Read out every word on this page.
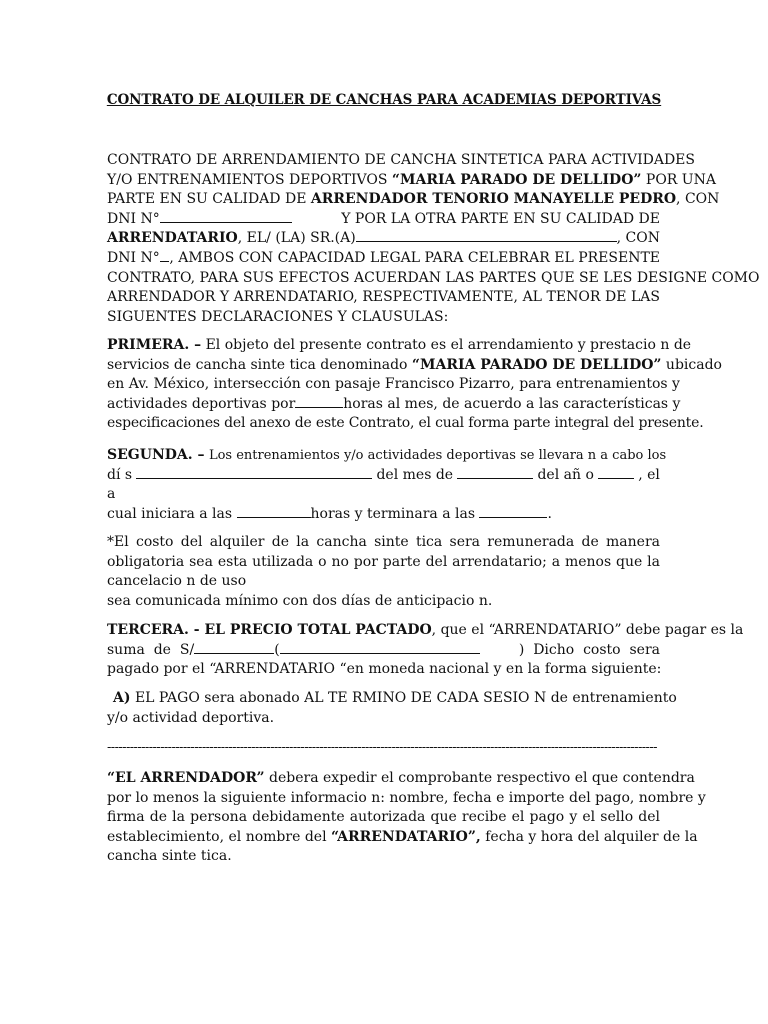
CONTRATO DE ALQUILER DE CANCHAS PARA ACADEMIAS DEPORTIVAS
CONTRATO DE ARRENDAMIENTO DE CANCHA SINTETICA PARA ACTIVIDADES
Y/O ENTRENAMIENTOS DEPORTIVOS “MARIA PARADO DE DELLIDO” POR UNA
PARTE EN SU CALIDAD DE ARRENDADOR TENORIO MANAYELLE PEDRO, CON
DNI N°	Y POR LA OTRA PARTE EN SU CALIDAD DE
ARRENDATARIO , EL/ (LA) SR.(A)	, CON
DNI N° , AMBOS CON CAPACIDAD LEGAL PARA CELEBRAR EL PRESENTE
CONTRATO, PARA SUS EFECTOS ACUERDAN LAS PARTES QUE SE LES DESIGNE COMO
ARRENDADOR Y ARRENDATARIO, RESPECTIVAMENTE, AL TENOR DE LAS
SIGUENTES DECLARACIONES Y CLAUSULAS:
PRIMERA. – El objeto del presente contrato es el arrendamiento y prestacio n de
servicios de cancha sinte tica denominado “MARIA PARADO DE DELLIDO” ubicado
en Av. México, intersección con pasaje Francisco Pizarro, para entrenamientos y
actividades deportivas por	horas al mes, de acuerdo a las características y
especificaciones del anexo de este Contrato, el cual forma parte integral del presente.
SEGUNDA. – Los entrenamientos y/o actividades deportivas se llevara n a cabo los
dí s	del mes de	del añ o	, el
a
cual iniciara a las	horas y terminara a las	.
*El costo del alquiler de la cancha sinte tica sera remunerada de manera
obligatoria sea esta utilizada o no por parte del arrendatario; a menos que la
cancelacio n de uso
sea comunicada mínimo con dos días de anticipacio n.
TERCERA. - EL PRECIO TOTAL PACTADO, que el “ARRENDATARIO” debe pagar es la
suma  de  S/	(	)  Dicho  costo  sera
pagado por el “ARRENDATARIO “en moneda nacional y en la forma siguiente:
A) EL PAGO sera abonado AL TE RMINO DE CADA SESIO N de entrenamiento
y/o actividad deportiva.
-------------------------------------------------------------------------------------------------------------------------------------------------
“EL ARRENDADOR” debera expedir el comprobante respectivo el que contendra
por lo menos la siguiente informacio n: nombre, fecha e importe del pago, nombre y
firma de la persona debidamente autorizada que recibe el pago y el sello del
establecimiento, el nombre del “ARRENDATARIO”, fecha y hora del alquiler de la
cancha sinte tica.
